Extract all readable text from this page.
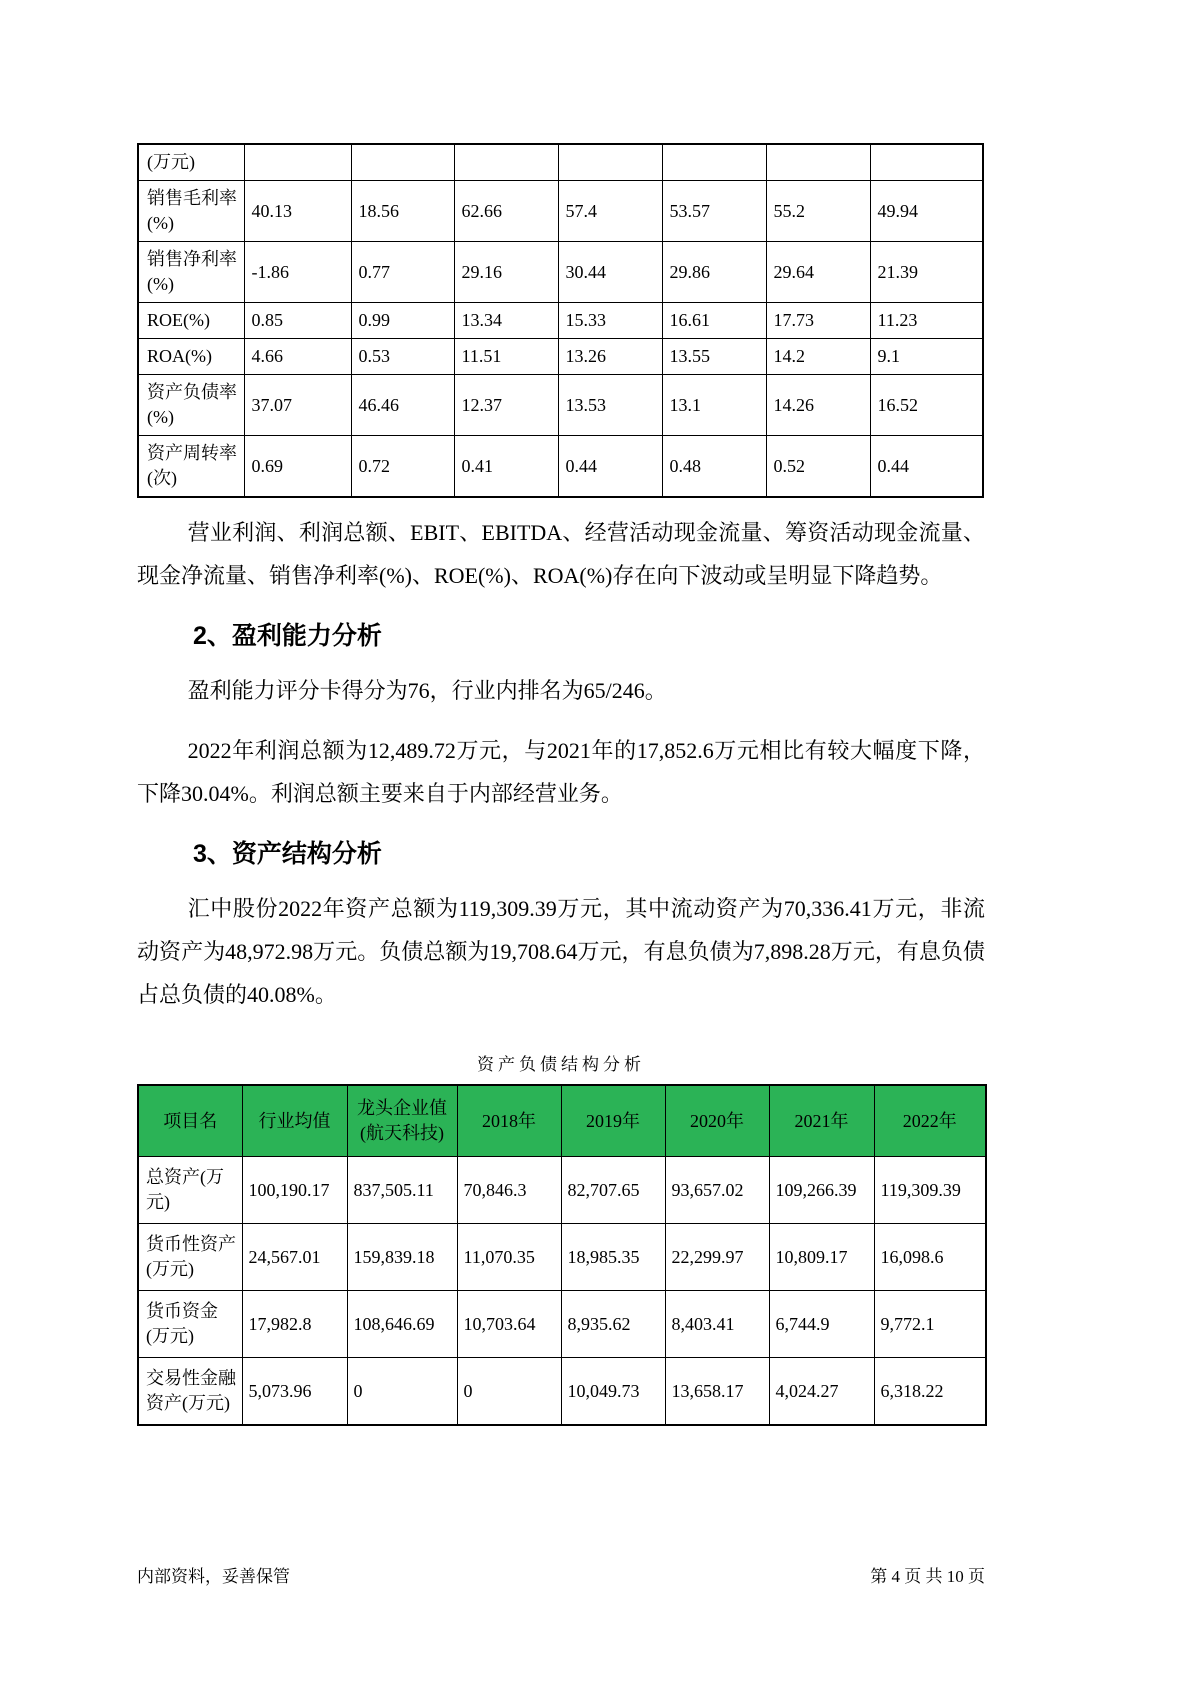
(万元)							
销售毛利率(%)	40.13	18.56	62.66	57.4	53.57	55.2	49.94
销售净利率(%)	-1.86	0.77	29.16	30.44	29.86	29.64	21.39
ROE(%)	0.85	0.99	13.34	15.33	16.61	17.73	11.23
ROA(%)	4.66	0.53	11.51	13.26	13.55	14.2	9.1
资产负债率(%)	37.07	46.46	12.37	13.53	13.1	14.26	16.52
资产周转率(次)	0.69	0.72	0.41	0.44	0.48	0.52	0.44

营业利润、利润总额、EBIT、EBITDA、经营活动现金流量、筹资活动现金流量、现金净流量、销售净利率(%)、ROE(%)、ROA(%)存在向下波动或呈明显下降趋势。

2、盈利能力分析

盈利能力评分卡得分为76，行业内排名为65/246。

2022年利润总额为12,489.72万元，与2021年的17,852.6万元相比有较大幅度下降，下降30.04%。利润总额主要来自于内部经营业务。

3、资产结构分析

汇中股份2022年资产总额为119,309.39万元，其中流动资产为70,336.41万元，非流动资产为48,972.98万元。负债总额为19,708.64万元，有息负债为7,898.28万元，有息负债占总负债的40.08%。

资产负债结构分析
项目名	行业均值	龙头企业值(航天科技)	2018年	2019年	2020年	2021年	2022年
总资产(万元)	100,190.17	837,505.11	70,846.3	82,707.65	93,657.02	109,266.39	119,309.39
货币性资产(万元)	24,567.01	159,839.18	11,070.35	18,985.35	22,299.97	10,809.17	16,098.6
货币资金(万元)	17,982.8	108,646.69	10,703.64	8,935.62	8,403.41	6,744.9	9,772.1
交易性金融资产(万元)	5,073.96	0	0	10,049.73	13,658.17	4,024.27	6,318.22
内部资料，妥善保管	第 4 页 共 10 页
